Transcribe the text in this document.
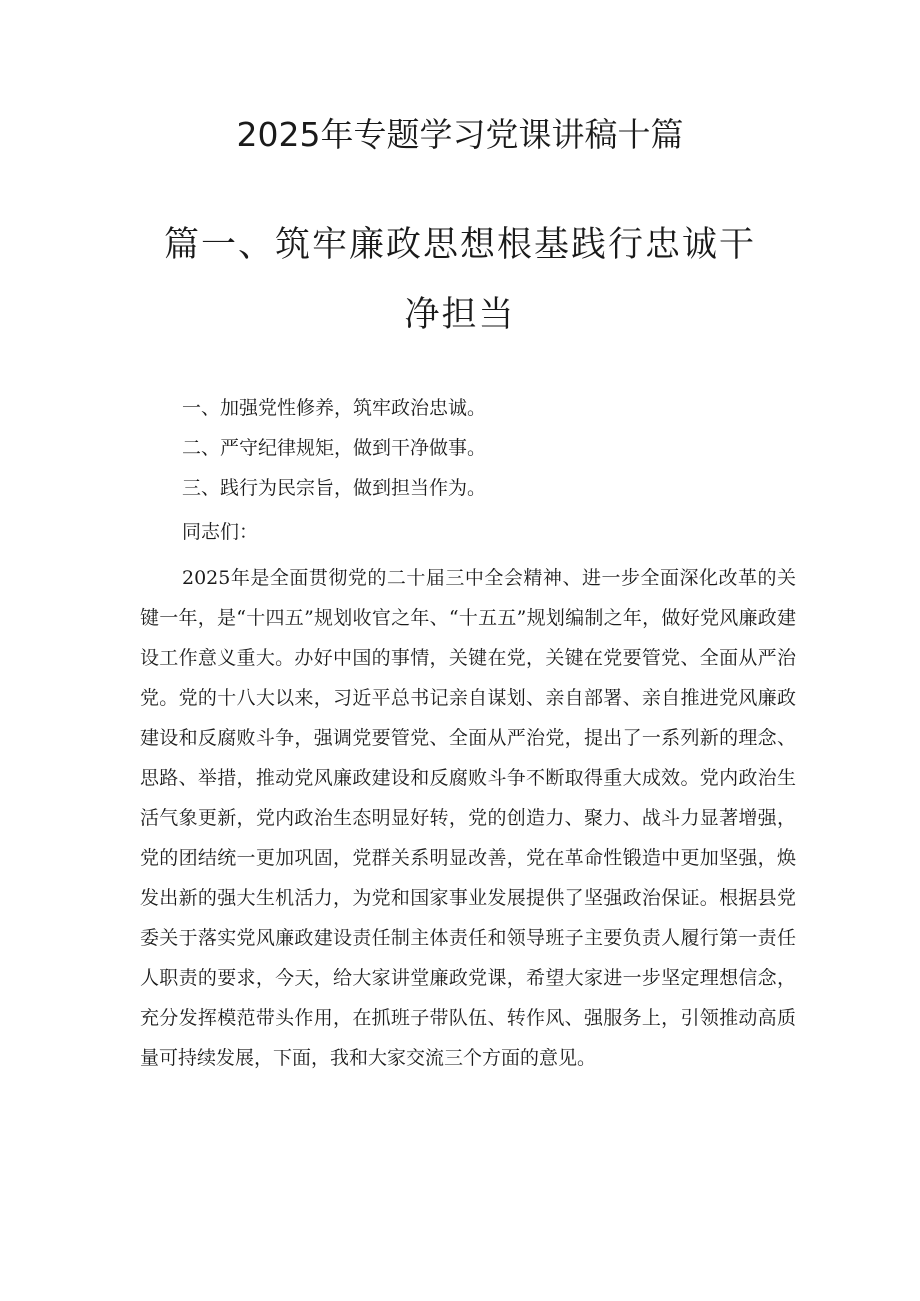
2025年专题学习党课讲稿十篇
篇一、筑牢廉政思想根基践行忠诚干净担当
一、加强党性修养，筑牢政治忠诚。
二、严守纪律规矩，做到干净做事。
三、践行为民宗旨，做到担当作为。

同志们：

2025年是全面贯彻党的二十届三中全会精神、进一步全面深化改革的关键一年，是“十四五”规划收官之年、“十五五”规划编制之年，做好党风廉政建设工作意义重大。办好中国的事情，关键在党，关键在党要管党、全面从严治党。党的十八大以来，习近平总书记亲自谋划、亲自部署、亲自推进党风廉政建设和反腐败斗争，强调党要管党、全面从严治党，提出了一系列新的理念、思路、举措，推动党风廉政建设和反腐败斗争不断取得重大成效。党内政治生活气象更新，党内政治生态明显好转，党的创造力、聚力、战斗力显著增强，党的团结统一更加巩固，党群关系明显改善，党在革命性锻造中更加坚强，焕发出新的强大生机活力，为党和国家事业发展提供了坚强政治保证。根据县党委关于落实党风廉政建设责任制主体责任和领导班子主要负责人履行第一责任人职责的要求，今天，给大家讲堂廉政党课，希望大家进一步坚定理想信念，充分发挥模范带头作用，在抓班子带队伍、转作风、强服务上，引领推动高质量可持续发展，下面，我和大家交流三个方面的意见。
